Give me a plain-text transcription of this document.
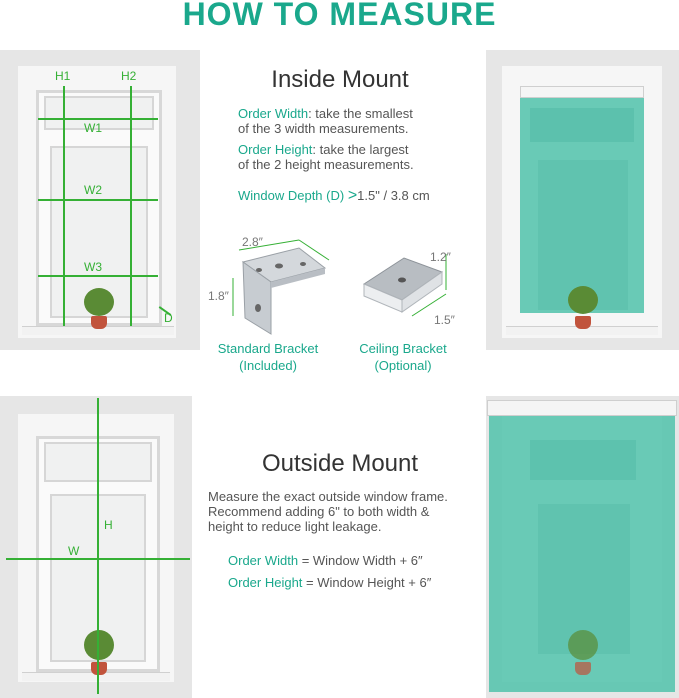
HOW TO MEASURE
H1	H2
W1
W2
W3
D
Inside Mount
Order Width: take the smallest
of the 3 width measurements.
Order Height: take the largest
of the 2 height measurements.
Window Depth (D) >1.5" / 3.8 cm
2.8″
1.8″
Standard Bracket
(Included)
1.2″
1.5″
Ceiling Bracket
(Optional)
H
W
Outside Mount
Measure the exact outside window frame.
Recommend adding 6" to both width &
height to reduce light leakage.
Order Width = Window Width + 6″
Order Height = Window Height + 6″
